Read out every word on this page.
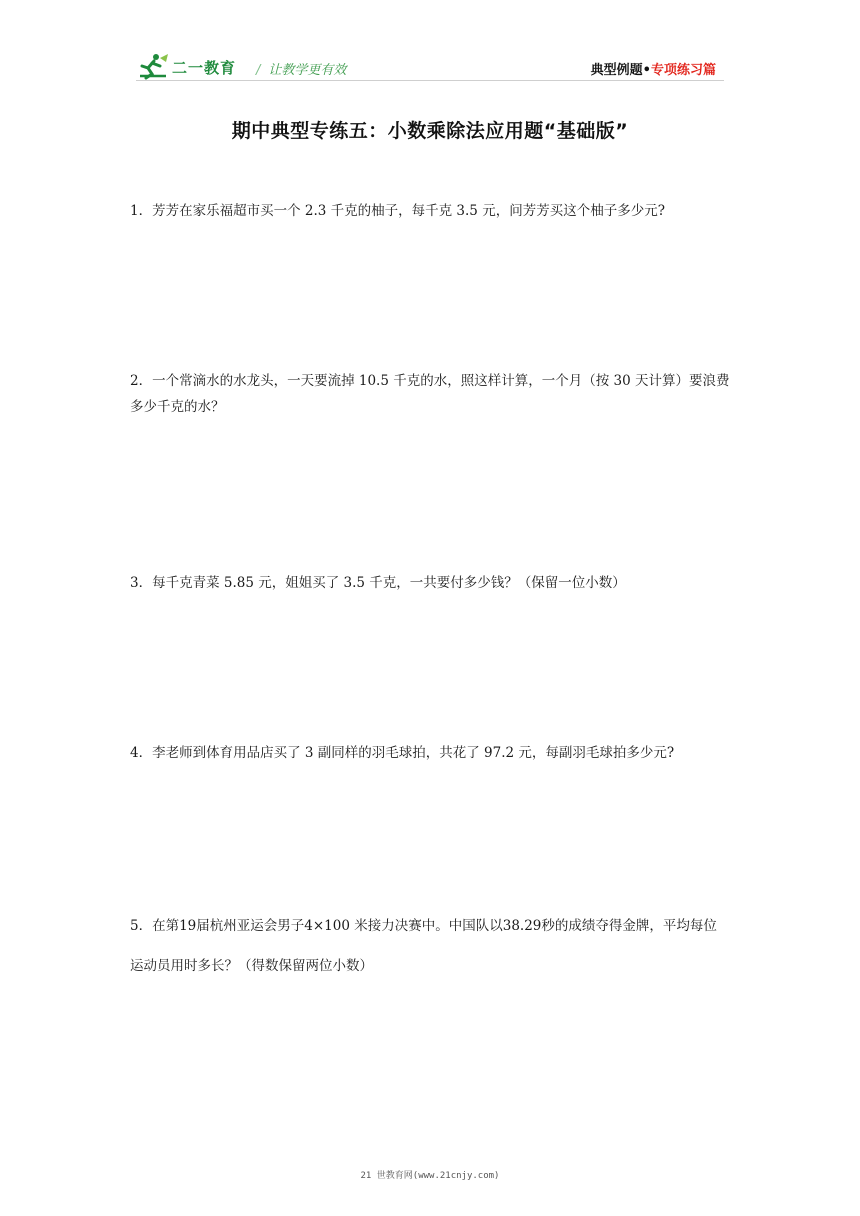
二一教育 / 让教学更有效	典型例题•专项练习篇
期中典型专练五：小数乘除法应用题“基础版”
1．芳芳在家乐福超市买一个 2.3 千克的柚子，每千克 3.5 元，问芳芳买这个柚子多少元?
2．一个常滴水的水龙头，一天要流掉 10.5 千克的水，照这样计算，一个月（按 30 天计算）要浪费多少千克的水？
3．每千克青菜 5.85 元，姐姐买了 3.5 千克，一共要付多少钱？（保留一位小数）
4．李老师到体育用品店买了 3 副同样的羽毛球拍，共花了 97.2 元，每副羽毛球拍多少元?
5．在第19届杭州亚运会男子4×100 米接力决赛中。中国队以38.29秒的成绩夺得金牌，平均每位运动员用时多长？（得数保留两位小数）
21 世教育网(www.21cnjy.com)
